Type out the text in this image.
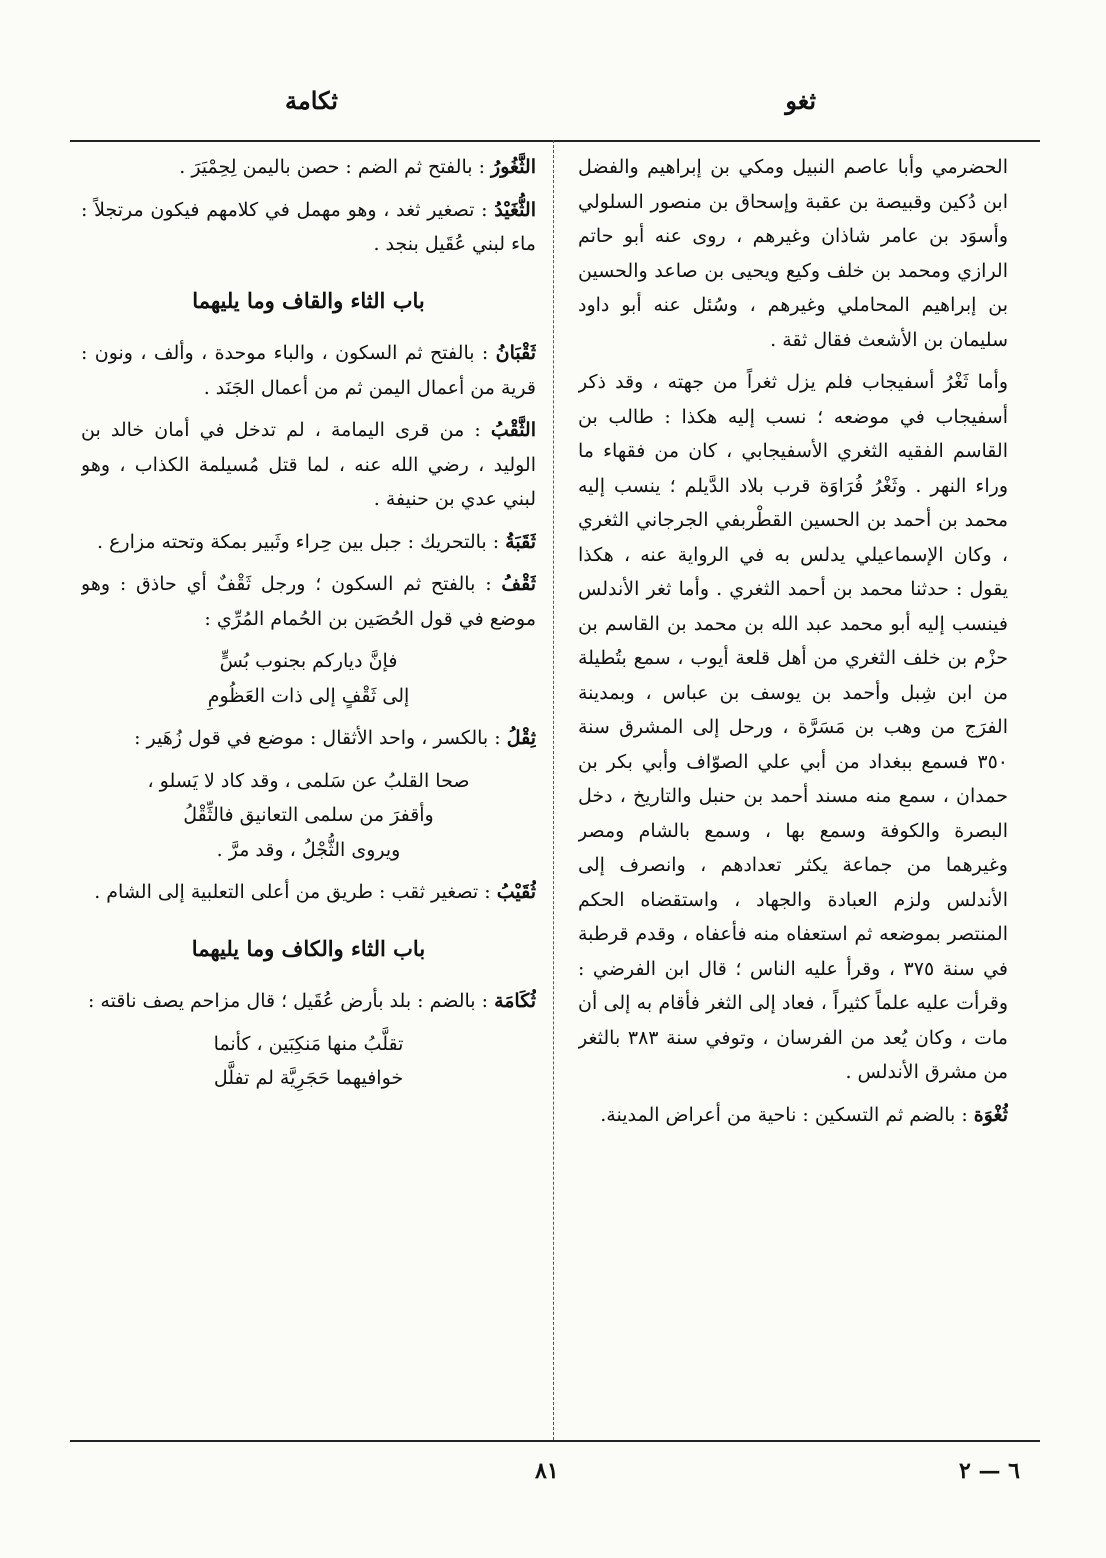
ثغو
ثكامة

الحضرمي وأبا عاصم النبيل ومكي بن إبراهيم والفضل ابن دُكين وقبيصة بن عقبة وإسحاق بن منصور السلولي وأسوَد بن عامر شاذان وغيرهم ، روى عنه أبو حاتم الرازي ومحمد بن خلف وكيع ويحيى بن صاعد والحسين بن إبراهيم المحاملي وغيرهم ، وسُئل عنه أبو داود سليمان بن الأشعث فقال ثقة .

وأما ثَغْرُ أسفيجاب فلم يزل ثغراً من جهته ، وقد ذكر أسفيجاب في موضعه ؛ نسب إليه هكذا : طالب بن القاسم الفقيه الثغري الأسفيجابي ، كان من فقهاء ما وراء النهر . وثَغْرُ فُرَاوَة قرب بلاد الدَّيلم ؛ ينسب إليه محمد بن أحمد بن الحسين القطْربفي الجرجاني الثغري ، وكان الإسماعيلي يدلس به في الرواية عنه ، هكذا يقول : حدثنا محمد بن أحمد الثغري . وأما ثغر الأندلس فينسب إليه أبو محمد عبد الله بن محمد بن القاسم بن حزْم بن خلف الثغري من أهل قلعة أيوب ، سمع بتُطيلة من ابن شِبل وأحمد بن يوسف بن عباس ، وبمدينة الفرَج من وهب بن مَسَرَّة ، ورحل إلى المشرق سنة ٣٥٠ فسمع ببغداد من أبي علي الصوّاف وأبي بكر بن حمدان ، سمع منه مسند أحمد بن حنبل والتاريخ ، دخل البصرة والكوفة وسمع بها ، وسمع بالشام ومصر وغيرهما من جماعة يكثر تعدادهم ، وانصرف إلى الأندلس ولزم العبادة والجهاد ، واستقضاه الحكم المنتصر بموضعه ثم استعفاه منه فأعفاه ، وقدم قرطبة في سنة ٣٧٥ ، وقرأ عليه الناس ؛ قال ابن الفرضي : وقرأت عليه علماً كثيراً ، فعاد إلى الثغر فأقام به إلى أن مات ، وكان يُعد من الفرسان ، وتوفي سنة ٣٨٣ بالثغر من مشرق الأندلس .

ثُغْوَة : بالضم ثم التسكين : ناحية من أعراض المدينة.

الثَّغُورُ : بالفتح ثم الضم : حصن باليمن لِحِمْيَرَ .

الثُّغَيْدُ : تصغير ثغد ، وهو مهمل في كلامهم فيكون مرتجلاً : ماء لبني عُقَيل بنجد .

باب الثاء والقاف وما يليهما

ثَقْبَانُ : بالفتح ثم السكون ، والباء موحدة ، وألف ، ونون : قرية من أعمال اليمن ثم من أعمال الجَنَد .

الثَّقْبُ : من قرى اليمامة ، لم تدخل في أمان خالد بن الوليد ، رضي الله عنه ، لما قتل مُسيلمة الكذاب ، وهو لبني عدي بن حنيفة .

ثَقَبَةُ : بالتحريك : جبل بين حِراء وثَبير بمكة وتحته مزارع .

ثَقْفُ : بالفتح ثم السكون ؛ ورجل ثَقْفٌ أي حاذق : وهو موضع في قول الحُصَين بن الحُمام المُرِّي :

فإنَّ دياركم بجنوب بُسٍّ
إلى ثَقْفٍ إلى ذات العَظُومِ

ثِقْلُ : بالكسر ، واحد الأثقال : موضع في قول زُهَير :

صحا القلبُ عن سَلمى ، وقد كاد لا يَسلو ،
وأقفرَ من سلمى التعانيق فالثِّقْلُ
ويروى الثُّجْلُ ، وقد مرَّ .

ثُقَيْبُ : تصغير ثقب : طريق من أعلى التعلبية إلى الشام .

باب الثاء والكاف وما يليهما

ثُكَامَة : بالضم : بلد بأرض عُقَيل ؛ قال مزاحم يصف ناقته :

تقلَّبُ منها مَنكِبَين ، كأنما
خوافيهما حَجَرِيَّة لم تفلَّل
٨١	٦ — ٢
